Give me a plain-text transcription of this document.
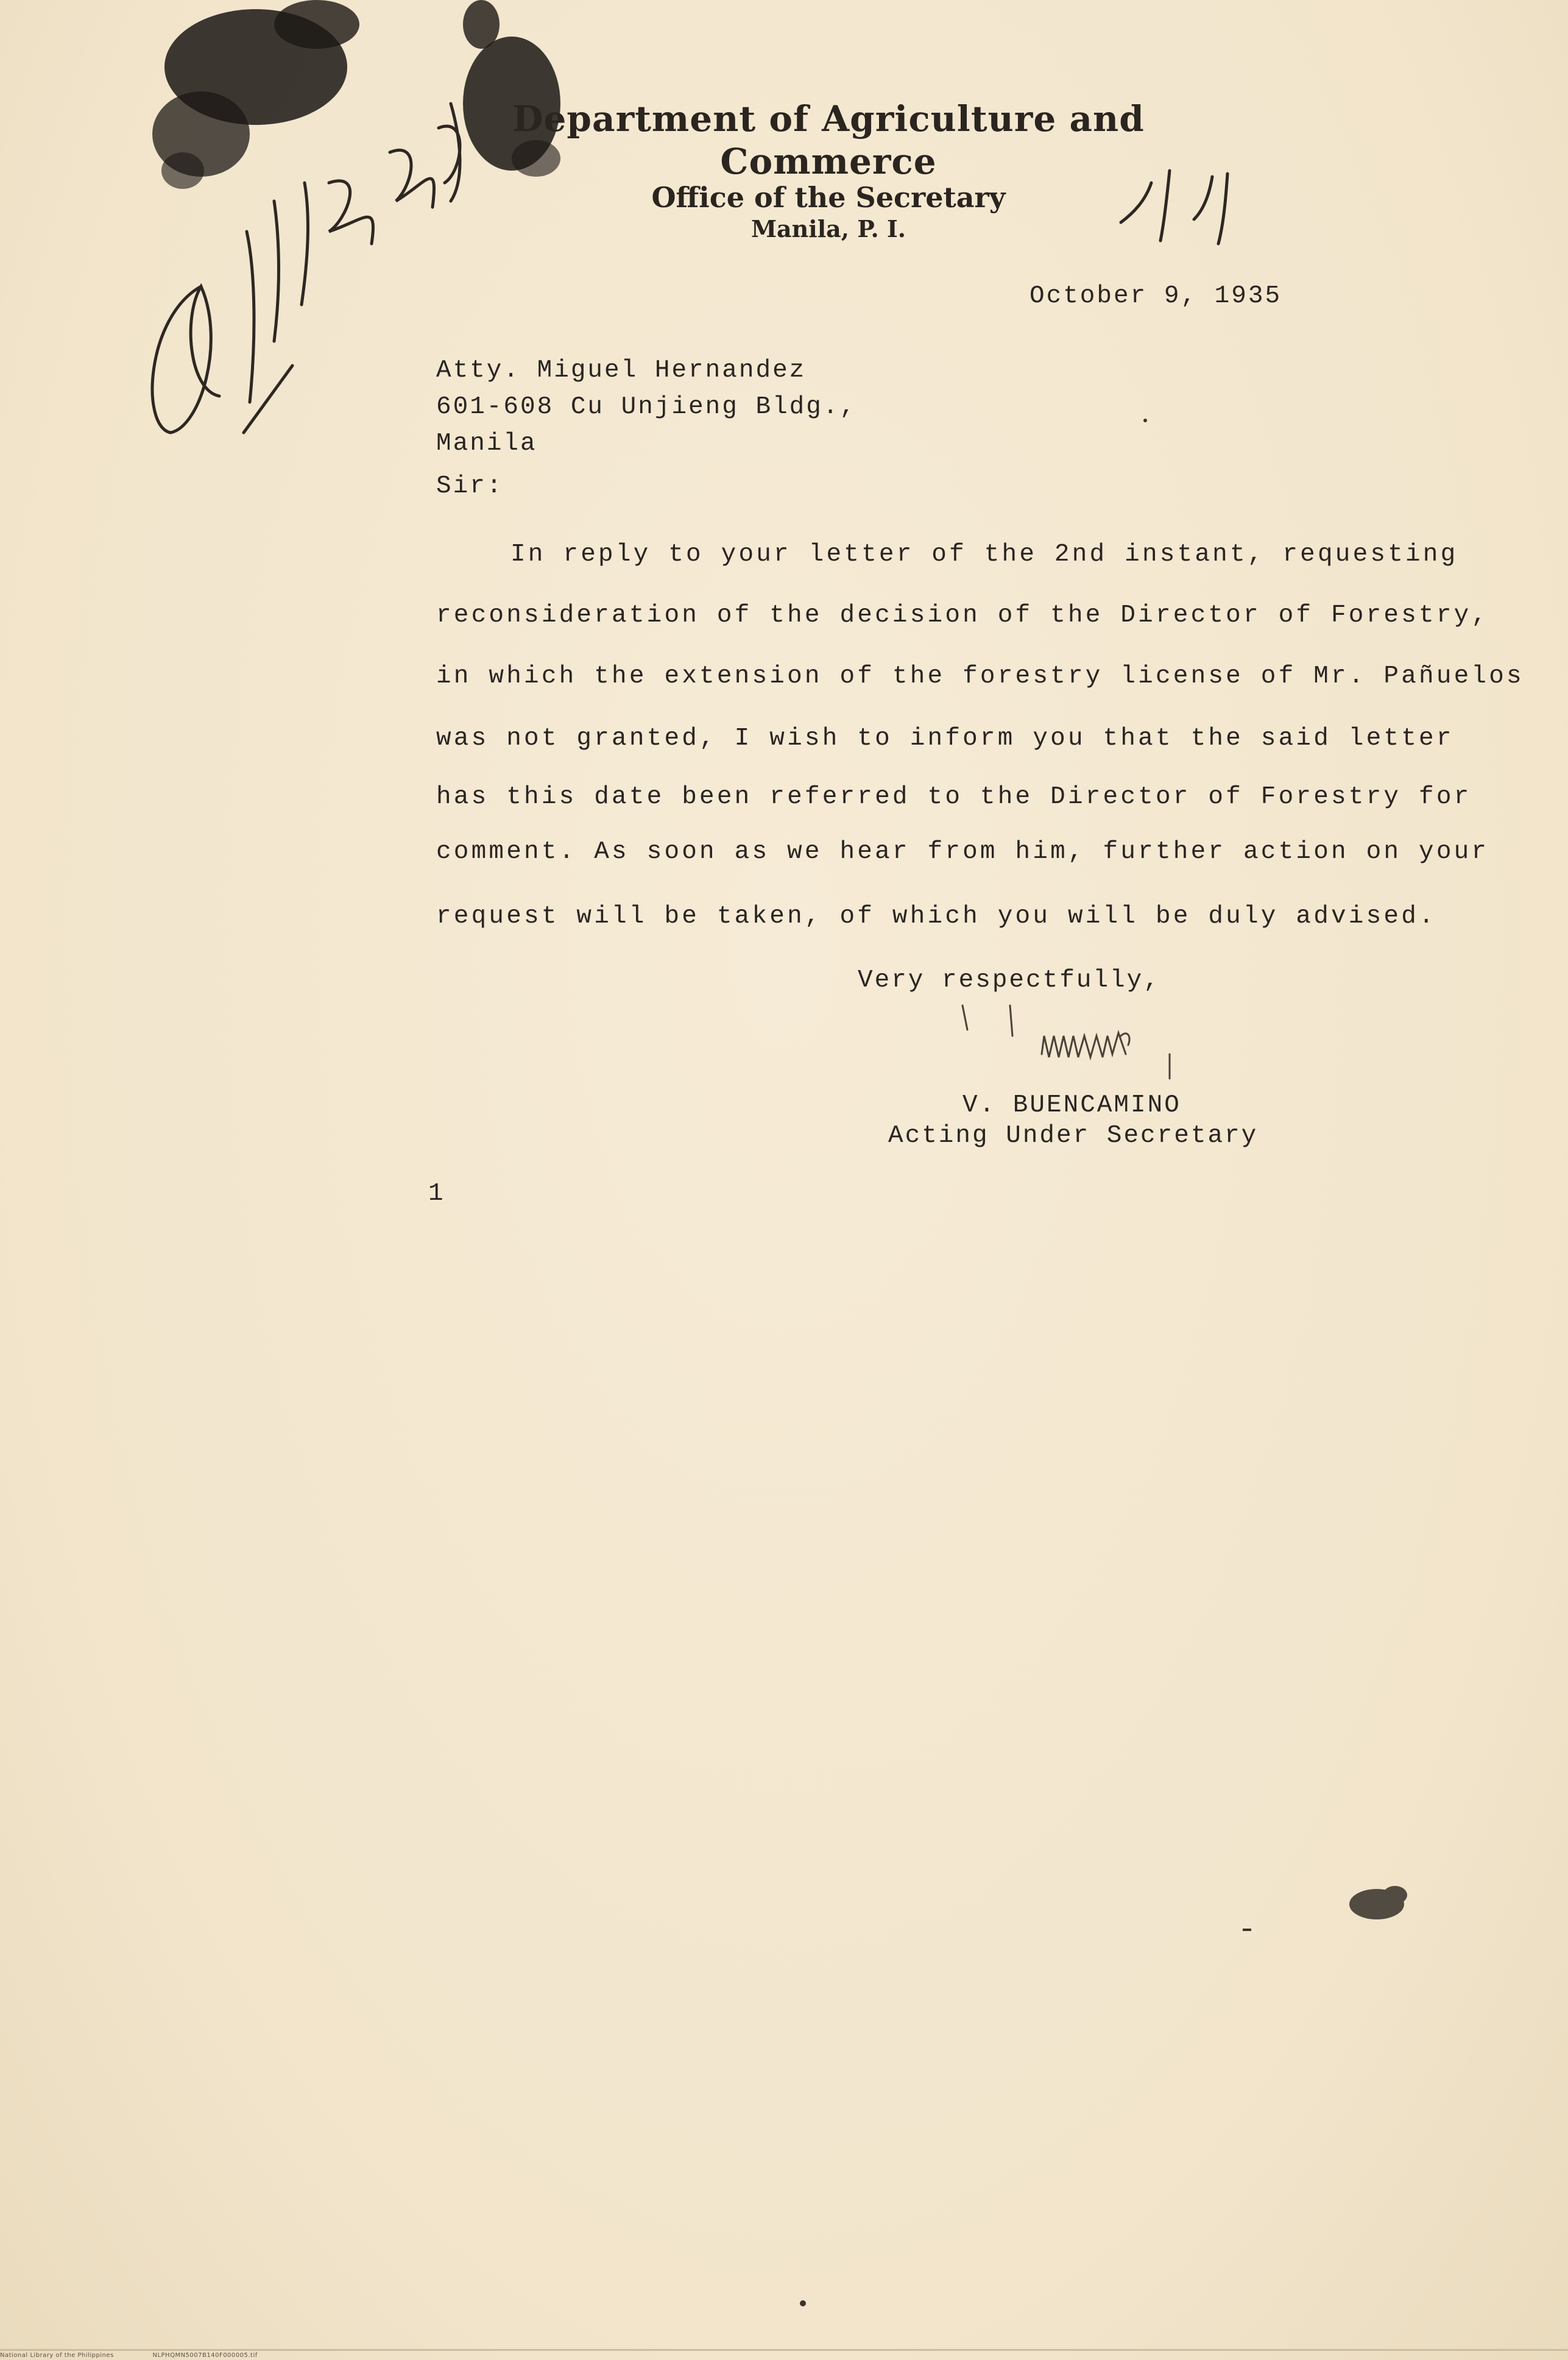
Department of Agriculture and Commerce
Office of the Secretary
Manila, P. I.
October 9, 1935
Atty. Miguel Hernandez
601-608 Cu Unjieng Bldg.,
Manila
Sir:
In reply to your letter of the 2nd instant, requesting
reconsideration of the decision of the Director of Forestry,
in which the extension of the forestry license of Mr. Pañuelos
was not granted, I wish to inform you that the said letter
has this date been referred to the Director of Forestry for
comment. As soon as we hear from him, further action on your
request will be taken, of which you will be duly advised.
Very respectfully,
V. BUENCAMINO
Acting Under Secretary
1
National Library of the Philippines	NLPHQMN5007B140F000005.tif
